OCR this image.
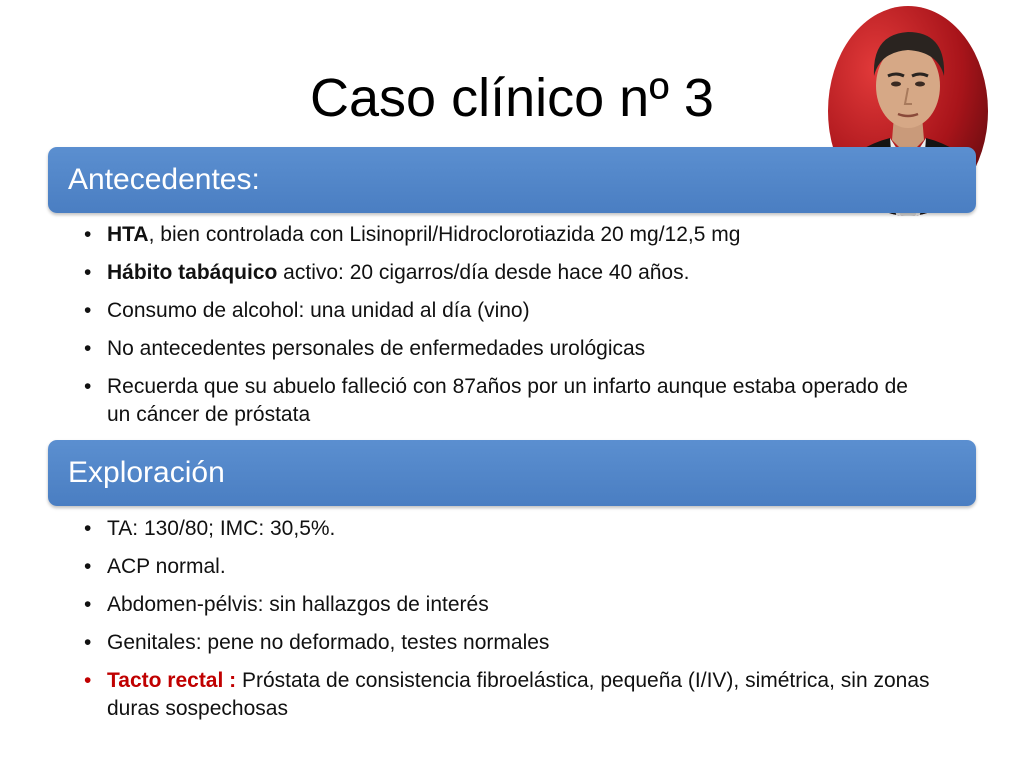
Caso clínico nº 3
Antecedentes:
• HTA, bien controlada con Lisinopril/Hidroclorotiazida 20 mg/12,5 mg
• Hábito tabáquico activo: 20 cigarros/día desde hace 40 años.
• Consumo de alcohol: una unidad al día (vino)
• No antecedentes personales de enfermedades urológicas
• Recuerda que su abuelo falleció con 87años por un infarto aunque estaba operado de un cáncer de próstata
Exploración
• TA: 130/80; IMC: 30,5%.
• ACP normal.
• Abdomen-pélvis: sin hallazgos de interés
• Genitales: pene no deformado, testes normales
• Tacto rectal : Próstata de consistencia fibroelástica, pequeña (I/IV), simétrica, sin zonas duras sospechosas
